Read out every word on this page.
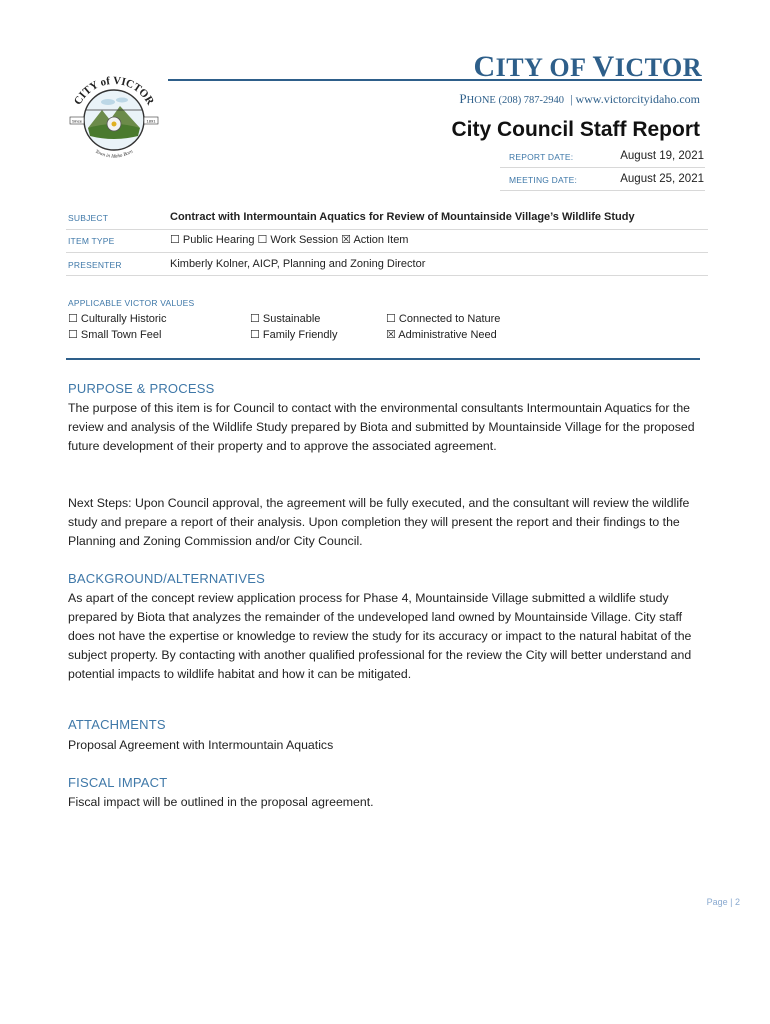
CITY of VICTOR
Town in Idaho Born
Since	1891
CITY OF VICTOR
PHONE (208) 787-2940 | www.victorcityidaho.com
City Council Staff Report
REPORT DATE:	August 19, 2021
MEETING DATE:	August 25, 2021
SUBJECT	Contract with Intermountain Aquatics for Review of Mountainside Village’s Wildlife Study
ITEM TYPE	☐ Public Hearing ☐ Work Session ☒ Action Item
PRESENTER	Kimberly Kolner, AICP, Planning and Zoning Director
APPLICABLE VICTOR VALUES
☐ Culturally Historic	☐ Sustainable	☐ Connected to Nature
☐ Small Town Feel	☐ Family Friendly	☒ Administrative Need
PURPOSE & PROCESS

The purpose of this item is for Council to contact with the environmental consultants Intermountain Aquatics for the review and analysis of the Wildlife Study prepared by Biota and submitted by Mountainside Village for the proposed future development of their property and to approve the associated agreement.

Next Steps: Upon Council approval, the agreement will be fully executed, and the consultant will review the wildlife study and prepare a report of their analysis. Upon completion they will present the report and their findings to the Planning and Zoning Commission and/or City Council.

BACKGROUND/ALTERNATIVES

As apart of the concept review application process for Phase 4, Mountainside Village submitted a wildlife study prepared by Biota that analyzes the remainder of the undeveloped land owned by Mountainside Village. City staff does not have the expertise or knowledge to review the study for its accuracy or impact to the natural habitat of the subject property. By contacting with another qualified professional for the review the City will better understand and potential impacts to wildlife habitat and how it can be mitigated.

ATTACHMENTS

Proposal Agreement with Intermountain Aquatics

FISCAL IMPACT

Fiscal impact will be outlined in the proposal agreement.

Page | 2
